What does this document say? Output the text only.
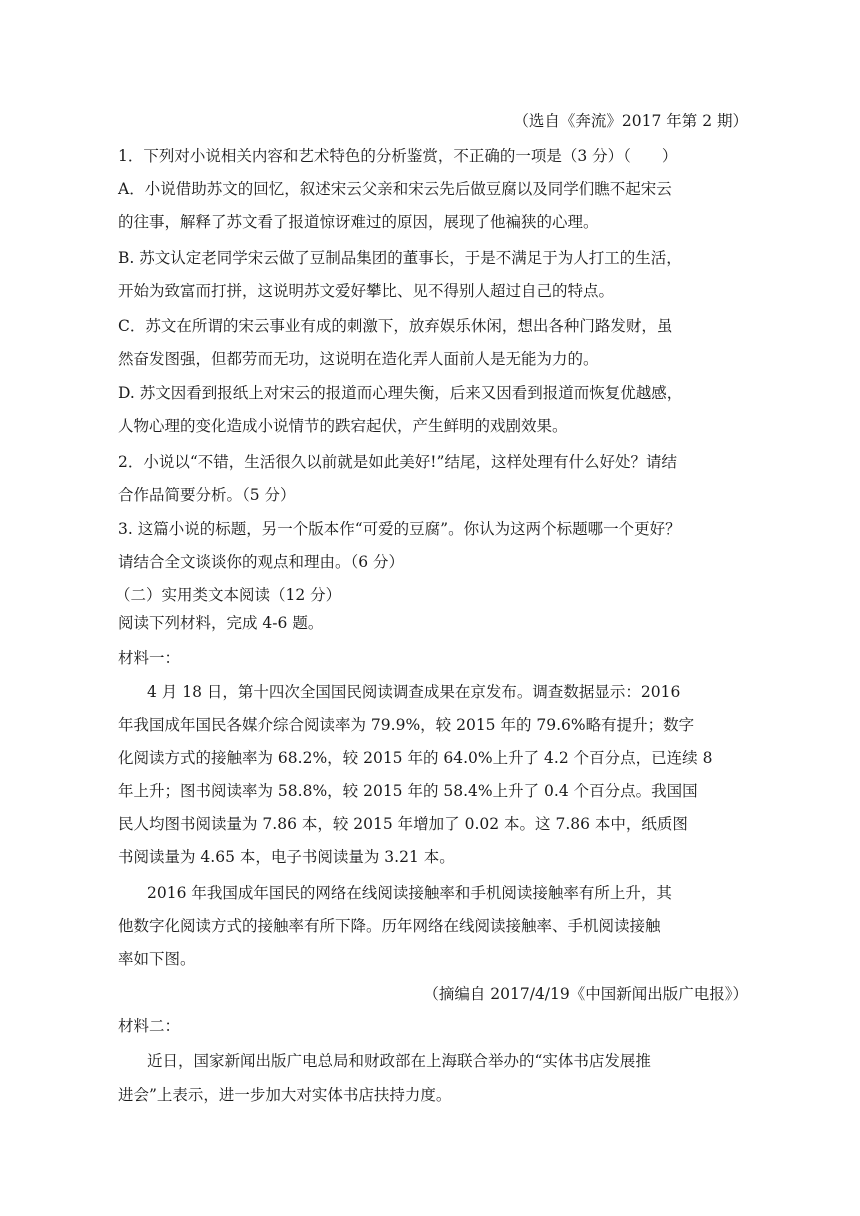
（选自《奔流》2017 年第 2 期）
1．下列对小说相关内容和艺术特色的分析鉴赏，不正确的一项是（3 分）（　　）
A．小说借助苏文的回忆，叙述宋云父亲和宋云先后做豆腐以及同学们瞧不起宋云
的往事，解释了苏文看了报道惊讶难过的原因，展现了他褊狭的心理。
B. 苏文认定老同学宋云做了豆制品集团的董事长，于是不满足于为人打工的生活，
开始为致富而打拼，这说明苏文爱好攀比、见不得别人超过自己的特点。
C．苏文在所谓的宋云事业有成的刺激下，放弃娱乐休闲，想出各种门路发财，虽
然奋发图强，但都劳而无功，这说明在造化弄人面前人是无能为力的。
D. 苏文因看到报纸上对宋云的报道而心理失衡，后来又因看到报道而恢复优越感，
人物心理的变化造成小说情节的跌宕起伏，产生鲜明的戏剧效果。
2．小说以“不错，生活很久以前就是如此美好!”结尾，这样处理有什么好处？请结
合作品简要分析。（5 分）
3. 这篇小说的标题，另一个版本作“可爱的豆腐”。你认为这两个标题哪一个更好？
请结合全文谈谈你的观点和理由。（6 分）
（二）实用类文本阅读（12 分）
阅读下列材料，完成 4-6 题。
材料一：
4 月 18 日，第十四次全国国民阅读调查成果在京发布。调查数据显示：2016
年我国成年国民各媒介综合阅读率为 79.9%，较 2015 年的 79.6%略有提升；数字
化阅读方式的接触率为 68.2%，较 2015 年的 64.0%上升了 4.2 个百分点，已连续 8
年上升；图书阅读率为 58.8%，较 2015 年的 58.4%上升了 0.4 个百分点。我国国
民人均图书阅读量为 7.86 本，较 2015 年增加了 0.02 本。这 7.86 本中，纸质图
书阅读量为 4.65 本，电子书阅读量为 3.21 本。
2016 年我国成年国民的网络在线阅读接触率和手机阅读接触率有所上升，其
他数字化阅读方式的接触率有所下降。历年网络在线阅读接触率、手机阅读接触
率如下图。
（摘编自 2017/4/19《中国新闻出版广电报》）
材料二：
近日，国家新闻出版广电总局和财政部在上海联合举办的“实体书店发展推
进会”上表示，进一步加大对实体书店扶持力度。
